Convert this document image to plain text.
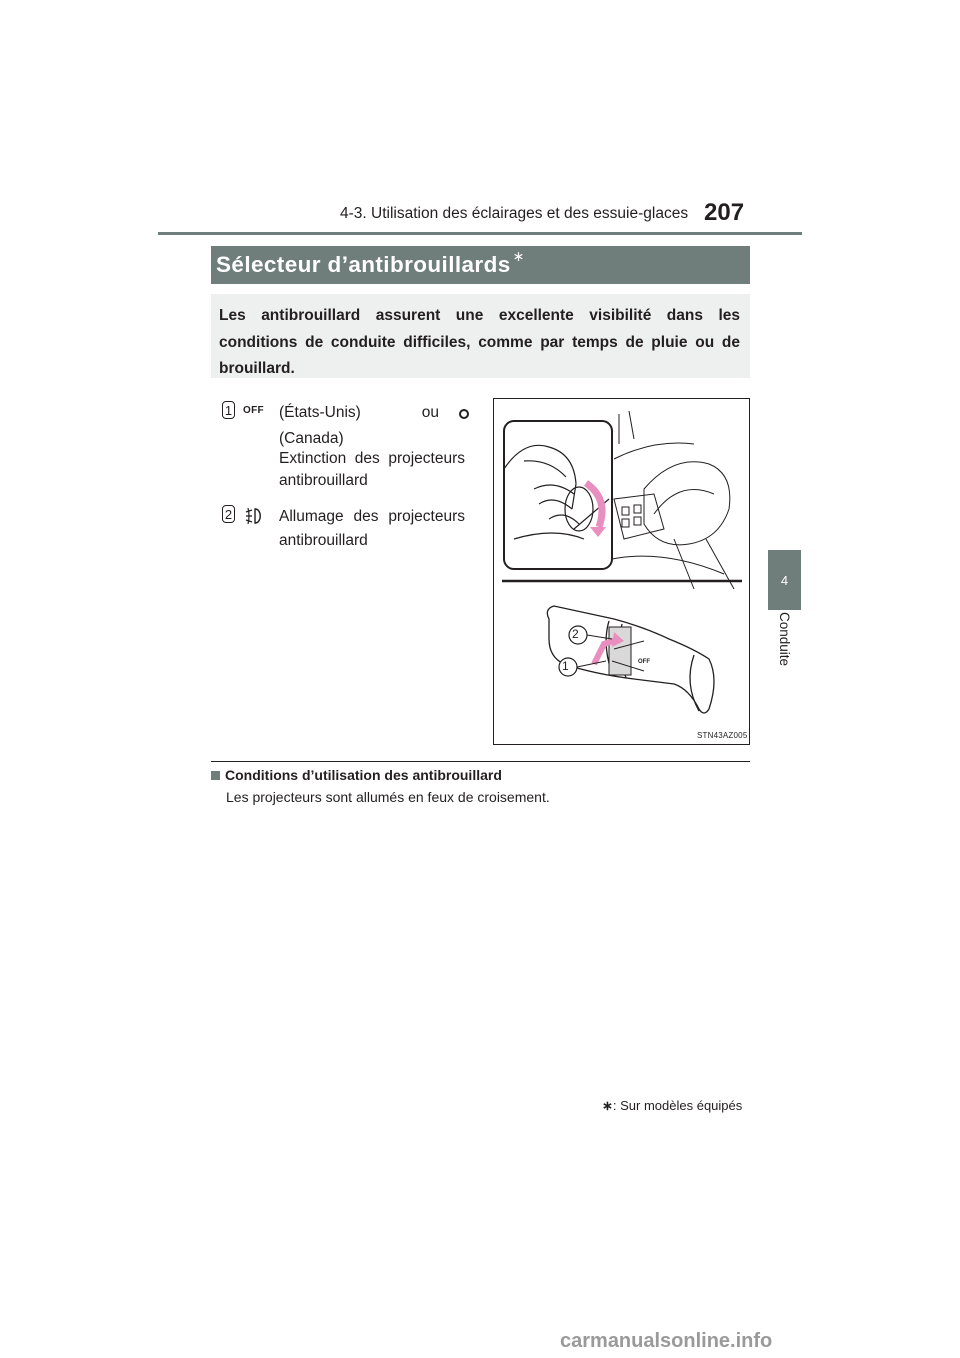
4-3. Utilisation des éclairages et des essuie-glaces 207
4
Conduite
Sélecteur d’antibrouillards ∗
Les antibrouillard assurent une excellente visibilité dans les conditions de conduite difficiles, comme par temps de pluie ou de brouillard.
1 OFF (États-Unis)	ou
(Canada)
Extinction des projecteurs
antibrouillard
2	Allumage des projecteurs
antibrouillard
2
1	OFF
STN43AZ005
Conditions d’utilisation des antibrouillard
Les projecteurs sont allumés en feux de croisement.
∗: Sur modèles équipés
carmanualsonline.info
